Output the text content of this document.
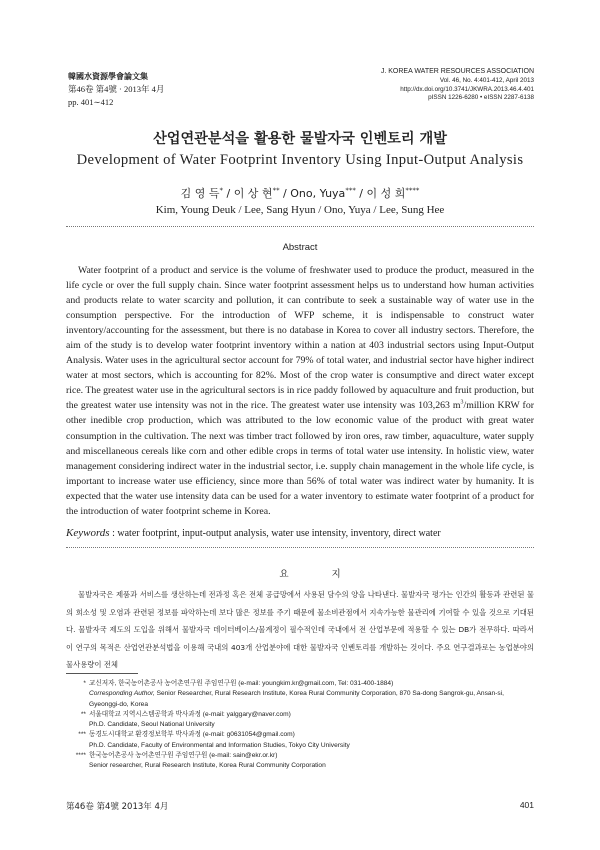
韓國水資源學會論文集
第46卷 第4號 · 2013年 4月
pp. 401∼412
J. KOREA WATER RESOURCES ASSOCIATION
Vol. 46, No. 4:401-412, April 2013
http://dx.doi.org/10.3741/JKWRA.2013.46.4.401
pISSN 1226-6280 • eISSN 2287-6138
산업연관분석을 활용한 물발자국 인벤토리 개발
Development of Water Footprint Inventory Using Input-Output Analysis
김 영 득* / 이 상 현** / Ono, Yuya*** / 이 성 희****
Kim, Young Deuk / Lee, Sang Hyun / Ono, Yuya / Lee, Sung Hee
Abstract

Water footprint of a product and service is the volume of freshwater used to produce the product, measured in the life cycle or over the full supply chain. Since water footprint assessment helps us to understand how human activities and products relate to water scarcity and pollution, it can contribute to seek a sustainable way of water use in the consumption perspective. For the introduction of WFP scheme, it is indispensable to construct water inventory/accounting for the assessment, but there is no database in Korea to cover all industry sectors. Therefore, the aim of the study is to develop water footprint inventory within a nation at 403 industrial sectors using Input-Output Analysis. Water uses in the agricultural sector account for 79% of total water, and industrial sector have higher indirect water at most sectors, which is accounting for 82%. Most of the crop water is consumptive and direct water except rice. The greatest water use in the agricultural sectors is in rice paddy followed by aquaculture and fruit production, but the greatest water use intensity was not in the rice. The greatest water use intensity was 103,263 $m^3$/million KRW for other inedible crop production, which was attributed to the low economic value of the product with great water consumption in the cultivation. The next was timber tract followed by iron ores, raw timber, aquaculture, water supply and miscellaneous cereals like corn and other edible crops in terms of total water use intensity. In holistic view, water management considering indirect water in the industrial sector, i.e. supply chain management in the whole life cycle, is important to increase water use efficiency, since more than 56% of total water was indirect water by humanity. It is expected that the water use intensity data can be used for a water inventory to estimate water footprint of a product for the introduction of water footprint scheme in Korea.

Keywords : water footprint, input-output analysis, water use intensity, inventory, direct water
요 지

물발자국은 제품과 서비스를 생산하는데 전과정 혹은 전체 공급망에서 사용된 담수의 양을 나타낸다. 물발자국 평가는 인간의 활동과 관련된 물의 희소성 및 오염과 관련된 정보를 파악하는데 보다 많은 정보를 주기 때문에 물소비관점에서 지속가능한 물관리에 기여할 수 있을 것으로 기대된다. 물발자국 제도의 도입을 위해서 물발자국 데이터베이스/물계정이 필수적인데 국내에서 전 산업부문에 적용할 수 있는 DB가 전무하다. 따라서 이 연구의 목적은 산업연관분석법을 이용해 국내의 403개 산업분야에 대한 물발자국 인벤토리를 개발하는 것이다. 주요 연구결과로는 농업분야의 물사용량이 전체

* 교신저자, 한국농어촌공사 농어촌연구원 주임연구원 (e-mail: youngkim.kr@gmail.com, Tel: 031-400-1884)
Corresponding Author, Senior Researcher, Rural Research Institute, Korea Rural Community Corporation, 870 Sa-dong Sangrok-gu, Ansan-si, Gyeonggi-do, Korea
** 서울대학교 지역시스템공학과 박사과정 (e-mail: yalggary@naver.com)
Ph.D. Candidate, Seoul National University
*** 동경도시대학교 환경정보학부 박사과정 (e-mail: g0631054@gmail.com)
Ph.D. Candidate, Faculty of Environmental and Information Studies, Tokyo City University
**** 한국농어촌공사 농어촌연구원 주임연구원 (e-mail: sain@ekr.or.kr)
Senior researcher, Rural Research Institute, Korea Rural Community Corporation
第46卷 第4號 2013年 4月	401
